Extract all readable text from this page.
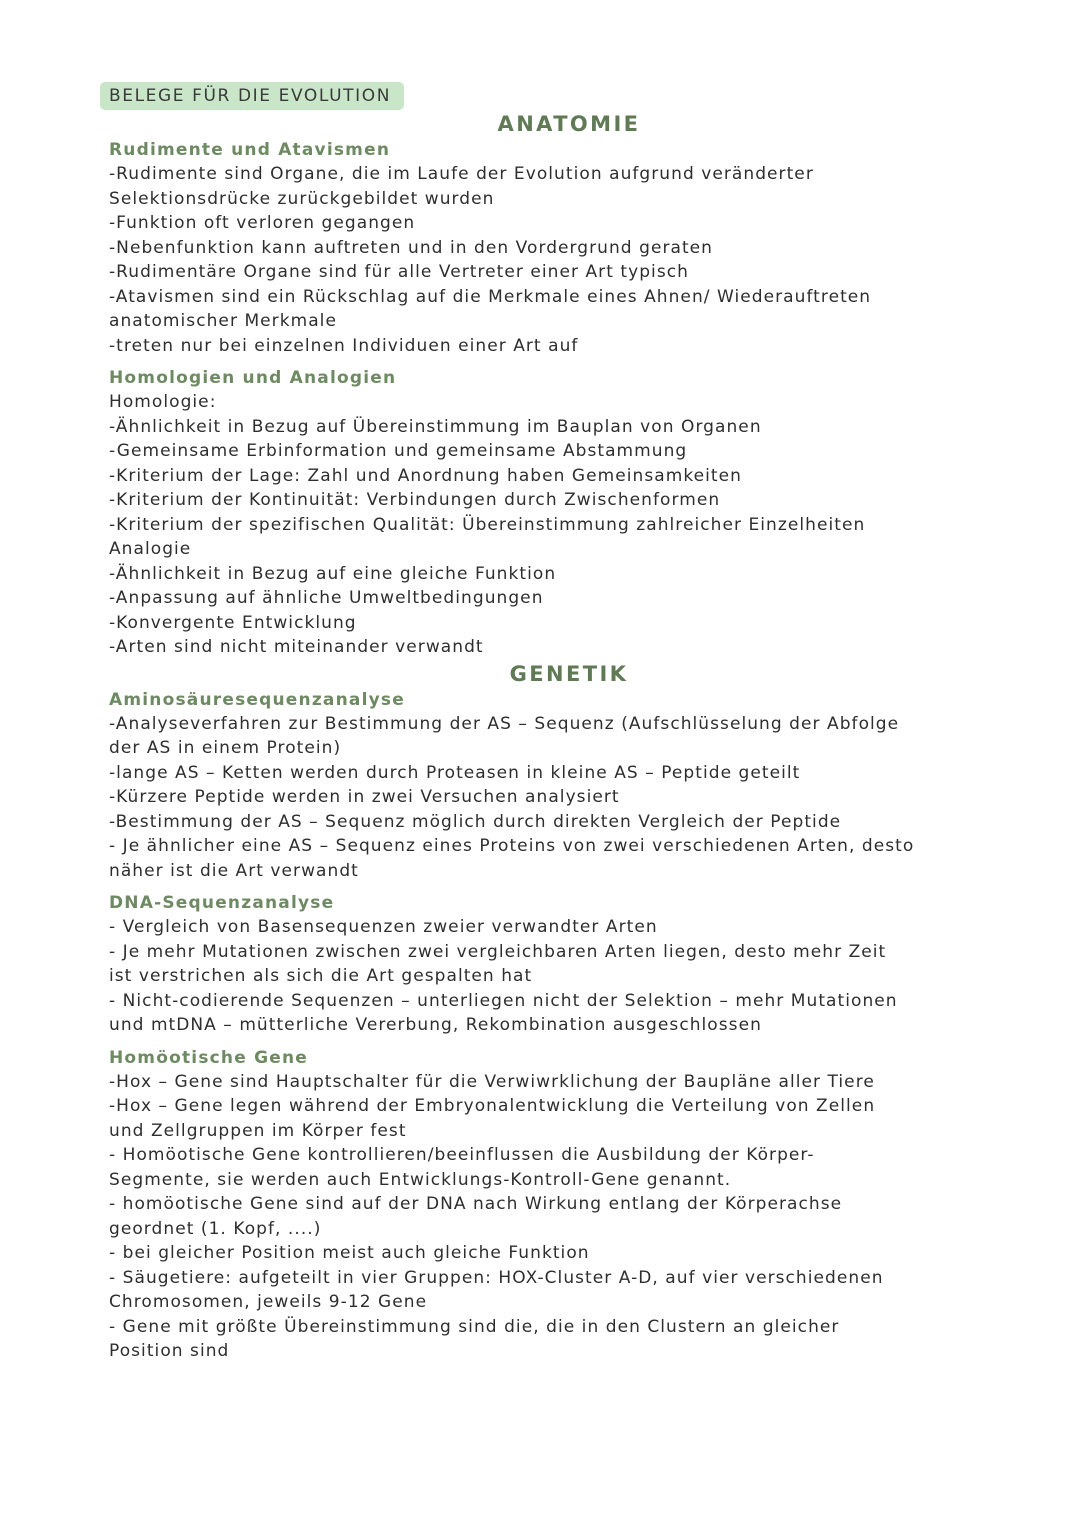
BELEGE FÜR DIE EVOLUTION
ANATOMIE
Rudimente und Atavismen

-Rudimente sind Organe, die im Laufe der Evolution aufgrund veränderter

Selektionsdrücke zurückgebildet wurden

-Funktion oft verloren gegangen

-Nebenfunktion kann auftreten und in den Vordergrund geraten

-Rudimentäre Organe sind für alle Vertreter einer Art typisch

-Atavismen sind ein Rückschlag auf die Merkmale eines Ahnen/ Wiederauftreten

anatomischer Merkmale

-treten nur bei einzelnen Individuen einer Art auf

Homologien und Analogien

Homologie:

-Ähnlichkeit in Bezug auf Übereinstimmung im Bauplan von Organen

-Gemeinsame Erbinformation und gemeinsame Abstammung

-Kriterium der Lage: Zahl und Anordnung haben Gemeinsamkeiten

-Kriterium der Kontinuität: Verbindungen durch Zwischenformen

-Kriterium der spezifischen Qualität: Übereinstimmung zahlreicher Einzelheiten

Analogie

-Ähnlichkeit in Bezug auf eine gleiche Funktion

-Anpassung auf ähnliche Umweltbedingungen

-Konvergente Entwicklung

-Arten sind nicht miteinander verwandt

GENETIK
Aminosäuresequenzanalyse

-Analyseverfahren zur Bestimmung der AS – Sequenz (Aufschlüsselung der Abfolge

der AS in einem Protein)

-lange AS – Ketten werden durch Proteasen in kleine AS – Peptide geteilt

-Kürzere Peptide werden in zwei Versuchen analysiert

-Bestimmung der AS – Sequenz möglich durch direkten Vergleich der Peptide

- Je ähnlicher eine AS – Sequenz eines Proteins von zwei verschiedenen Arten, desto

näher ist die Art verwandt

DNA-Sequenzanalyse

- Vergleich von Basensequenzen zweier verwandter Arten

- Je mehr Mutationen zwischen zwei vergleichbaren Arten liegen, desto mehr Zeit

ist verstrichen als sich die Art gespalten hat

- Nicht-codierende Sequenzen – unterliegen nicht der Selektion – mehr Mutationen

und mtDNA – mütterliche Vererbung, Rekombination ausgeschlossen

Homöotische Gene

-Hox – Gene sind Hauptschalter für die Verwiwrklichung der Baupläne aller Tiere

-Hox – Gene legen während der Embryonalentwicklung die Verteilung von Zellen

und Zellgruppen im Körper fest

- Homöotische Gene kontrollieren/beeinflussen die Ausbildung der Körper-

Segmente, sie werden auch Entwicklungs-Kontroll-Gene genannt.

- homöotische Gene sind auf der DNA nach Wirkung entlang der Körperachse

geordnet (1. Kopf, ....)

- bei gleicher Position meist auch gleiche Funktion

- Säugetiere: aufgeteilt in vier Gruppen: HOX-Cluster A-D, auf vier verschiedenen

Chromosomen, jeweils 9-12 Gene

- Gene mit größte Übereinstimmung sind die, die in den Clustern an gleicher

Position sind
